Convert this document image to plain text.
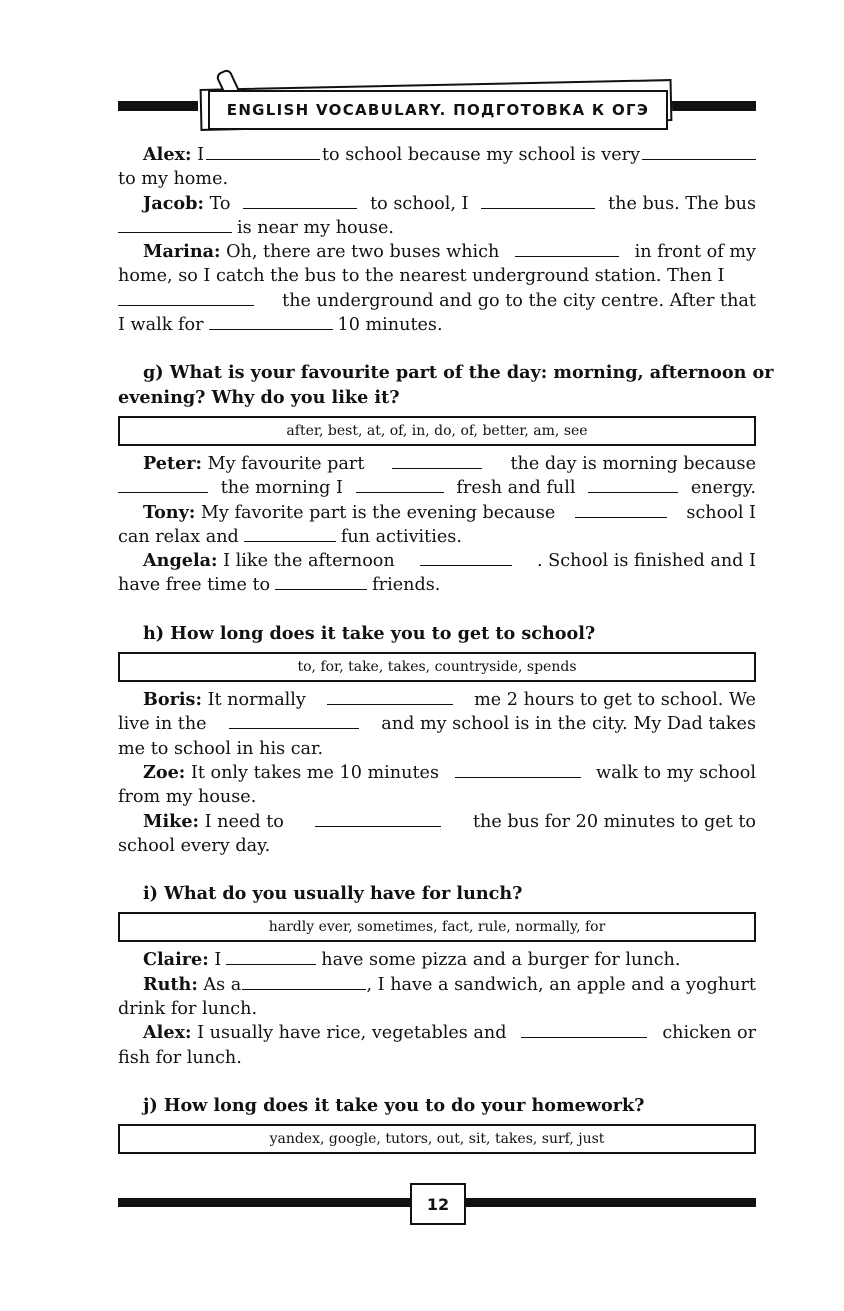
ENGLISH VOCABULARY. ПОДГОТОВКА К ОГЭ
Alex: I	to school because my school is very
to my home.
Jacob: To	to school, I	the bus. The bus
is near my house.
Marina: Oh, there are two buses which	in front of my
home, so I catch the bus to the nearest underground station. Then I
the underground and go to the city centre. After that
I walk for	10 minutes.
g) What is your favourite part of the day: morning, afternoon or
evening? Why do you like it?
after, best, at, of, in, do, of, better, am, see
Peter: My favourite part	the day is morning because
the morning I	fresh and full	energy.
Tony: My favorite part is the evening because	school I
can relax and	fun activities.
Angela: I like the afternoon	. School is finished and I
have free time to	friends.
h) How long does it take you to get to school?
to, for, take, takes, countryside, spends
Boris: It normally	me 2 hours to get to school. We
live in the	and my school is in the city. My Dad takes
me to school in his car.
Zoe: It only takes me 10 minutes	walk to my school
from my house.
Mike: I need to	the bus for 20 minutes to get to
school every day.
i) What do you usually have for lunch?
hardly ever, sometimes, fact, rule, normally, for
Claire: I	have some pizza and a burger for lunch.
Ruth: As a	, I have a sandwich, an apple and a yoghurt
drink for lunch.
Alex: I usually have rice, vegetables and	chicken or
fish for lunch.
j) How long does it take you to do your homework?
yandex, google, tutors, out, sit, takes, surf, just
12
